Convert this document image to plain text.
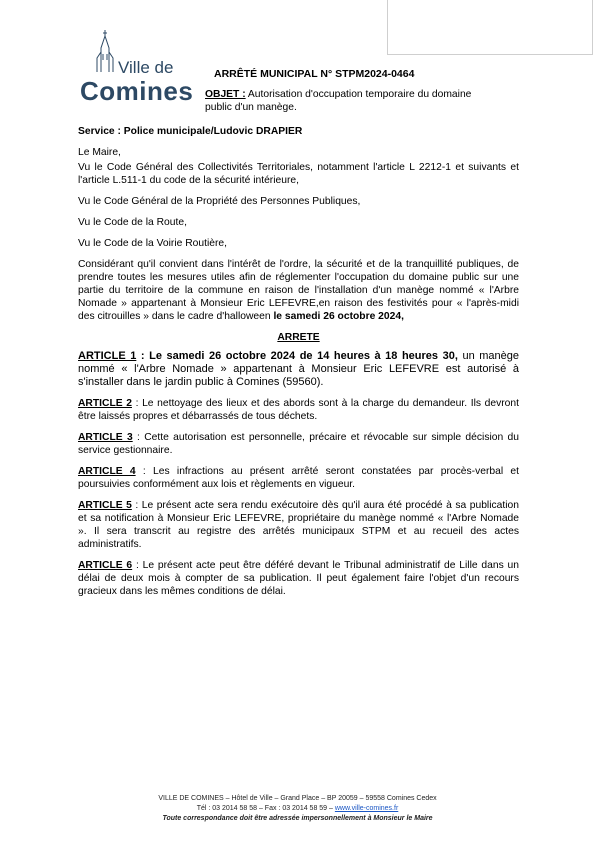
Ville de
Comines
ARRÊTÉ MUNICIPAL N° STPM2024-0464
OBJET : Autorisation d'occupation temporaire du domaine public d'un manège.
Service : Police municipale/Ludovic DRAPIER

Le Maire,

Vu le Code Général des Collectivités Territoriales, notamment l'article L 2212-1 et suivants et l'article L.511-1 du code de la sécurité intérieure,

Vu le Code Général de la Propriété des Personnes Publiques,

Vu le Code de la Route,

Vu le Code de la Voirie Routière,

Considérant qu'il convient dans l'intérêt de l'ordre, la sécurité et de la tranquillité publiques, de prendre toutes les mesures utiles afin de réglementer l'occupation du domaine public sur une partie du territoire de la commune en raison de l'installation d'un manège nommé « l'Arbre Nomade » appartenant à Monsieur Eric LEFEVRE,en raison des festivités pour « l'après-midi des citrouilles » dans le cadre d'halloween le samedi 26 octobre 2024,

ARRETE

ARTICLE 1 : Le samedi 26 octobre 2024 de 14 heures à 18 heures 30, un manège nommé « l'Arbre Nomade » appartenant à Monsieur Eric LEFEVRE est autorisé à s'installer dans le jardin public à Comines (59560).

ARTICLE 2 : Le nettoyage des lieux et des abords sont à la charge du demandeur. Ils devront être laissés propres et débarrassés de tous déchets.

ARTICLE 3 : Cette autorisation est personnelle, précaire et révocable sur simple décision du service gestionnaire.

ARTICLE 4 : Les infractions au présent arrêté seront constatées par procès-verbal et poursuivies conformément aux lois et règlements en vigueur.

ARTICLE 5 : Le présent acte sera rendu exécutoire dès qu'il aura été procédé à sa publication et sa notification à Monsieur Eric LEFEVRE, propriétaire du manège nommé « l'Arbre Nomade ». Il sera transcrit au registre des arrêtés municipaux STPM et au recueil des actes administratifs.

ARTICLE 6 : Le présent acte peut être déféré devant le Tribunal administratif de Lille dans un délai de deux mois à compter de sa publication. Il peut également faire l'objet d'un recours gracieux dans les mêmes conditions de délai.

VILLE DE COMINES – Hôtel de Ville – Grand Place – BP 20059 – 59558 Comines Cedex
Tél : 03 2014 58 58 – Fax : 03 2014 58 59 – www.ville-comines.fr
Toute correspondance doit être adressée impersonnellement à Monsieur le Maire
